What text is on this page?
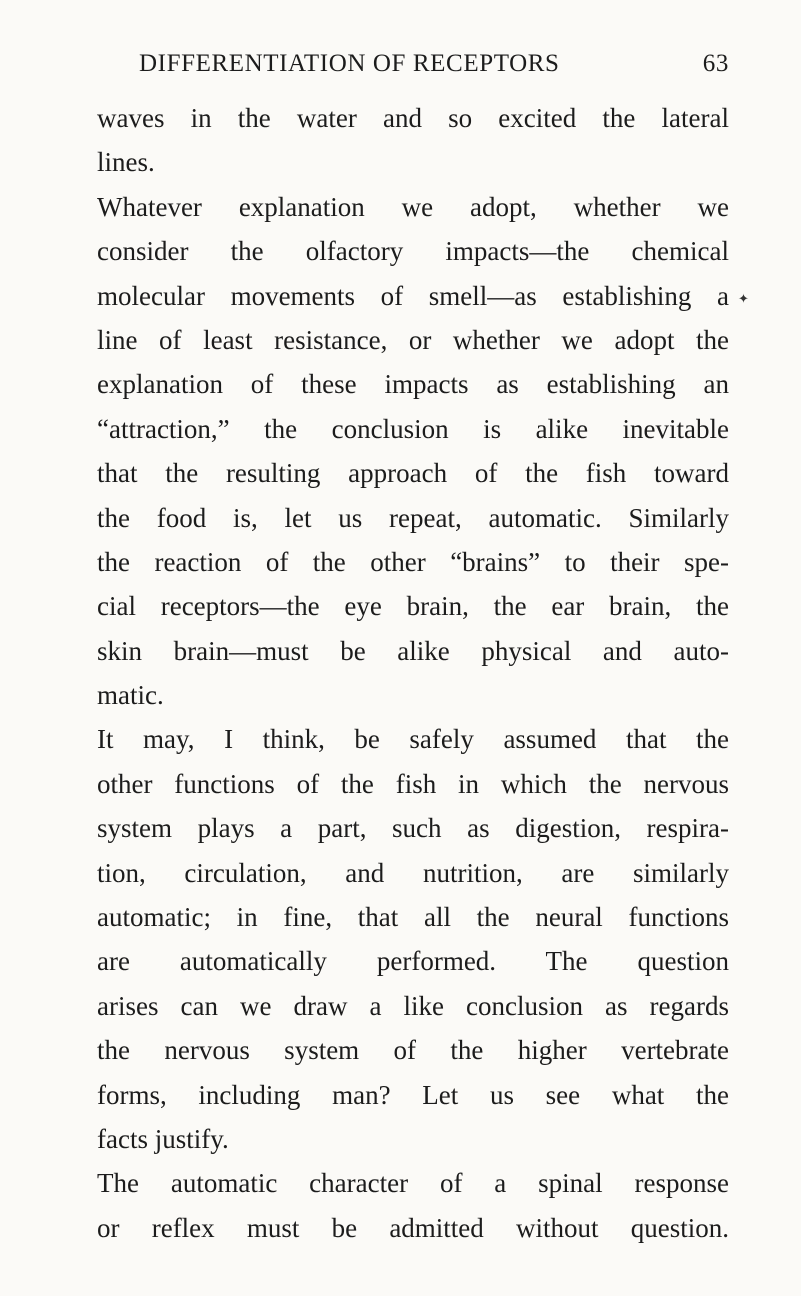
DIFFERENTIATION OF RECEPTORS	63
✦
waves in the water and so excited the lateral
lines.
Whatever explanation we adopt, whether we
consider the olfactory impacts—the chemical
molecular movements of smell—as establishing a
line of least resistance, or whether we adopt the
explanation of these impacts as establishing an
“attraction,” the conclusion is alike inevitable
that the resulting approach of the fish toward
the food is, let us repeat, automatic. Similarly
the reaction of the other “brains” to their spe-
cial receptors—the eye brain, the ear brain, the
skin brain—must be alike physical and auto-
matic.
It may, I think, be safely assumed that the
other functions of the fish in which the nervous
system plays a part, such as digestion, respira-
tion, circulation, and nutrition, are similarly
automatic; in fine, that all the neural functions
are automatically performed. The question
arises can we draw a like conclusion as regards
the nervous system of the higher vertebrate
forms, including man? Let us see what the
facts justify.
The automatic character of a spinal response
or reflex must be admitted without question.
